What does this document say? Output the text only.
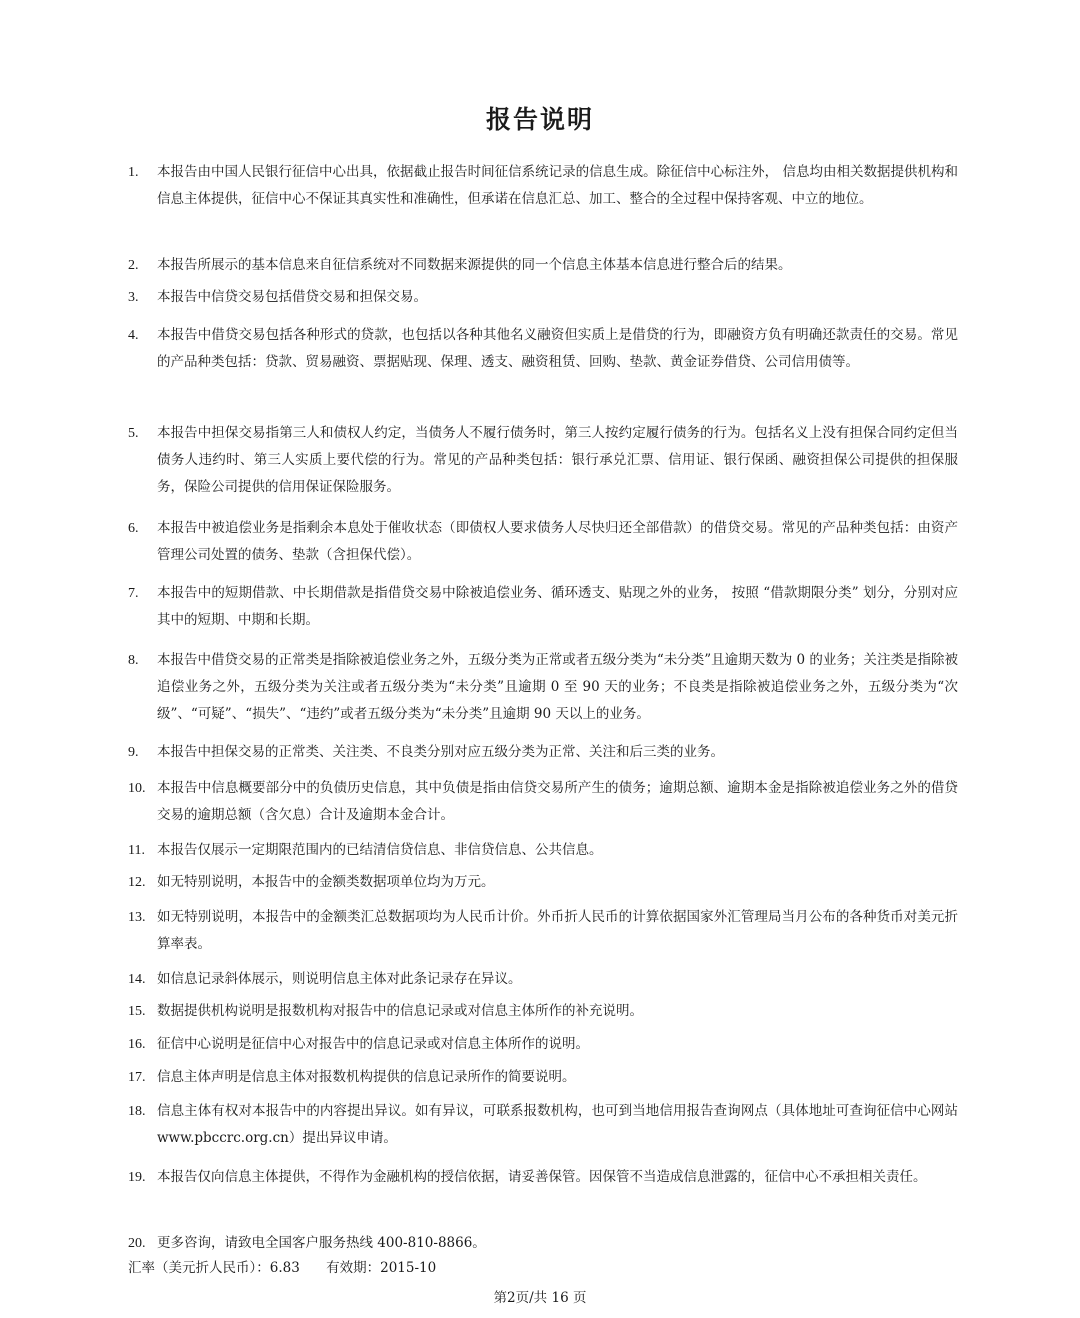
报告说明
1.	本报告由中国人民银行征信中心出具，依据截止报告时间征信系统记录的信息生成。除征信中心标注外， 信息均由相关数据提供机构和信息主体提供，征信中心不保证其真实性和准确性，但承诺在信息汇总、加工、整合的全过程中保持客观、中立的地位。
2.	本报告所展示的基本信息来自征信系统对不同数据来源提供的同一个信息主体基本信息进行整合后的结果。
3.	本报告中信贷交易包括借贷交易和担保交易。
4.	本报告中借贷交易包括各种形式的贷款，也包括以各种其他名义融资但实质上是借贷的行为，即融资方负有明确还款责任的交易。常见的产品种类包括：贷款、贸易融资、票据贴现、保理、透支、融资租赁、回购、垫款、黄金证券借贷、公司信用债等。
5.	本报告中担保交易指第三人和债权人约定，当债务人不履行债务时，第三人按约定履行债务的行为。包括名义上没有担保合同约定但当债务人违约时、第三人实质上要代偿的行为。常见的产品种类包括：银行承兑汇票、信用证、银行保函、融资担保公司提供的担保服务，保险公司提供的信用保证保险服务。
6.	本报告中被追偿业务是指剩余本息处于催收状态（即债权人要求债务人尽快归还全部借款）的借贷交易。常见的产品种类包括：由资产管理公司处置的债务、垫款（含担保代偿）。
7.	本报告中的短期借款、中长期借款是指借贷交易中除被追偿业务、循环透支、贴现之外的业务， 按照 “借款期限分类” 划分，分别对应其中的短期、中期和长期。
8.	本报告中借贷交易的正常类是指除被追偿业务之外，五级分类为正常或者五级分类为“未分类”且逾期天数为 0 的业务；关注类是指除被追偿业务之外，五级分类为关注或者五级分类为“未分类”且逾期 0 至 90 天的业务；不良类是指除被追偿业务之外，五级分类为“次级”、“可疑”、“损失”、“违约”或者五级分类为“未分类”且逾期 90 天以上的业务。
9.	本报告中担保交易的正常类、关注类、不良类分别对应五级分类为正常、关注和后三类的业务。
10. 本报告中信息概要部分中的负债历史信息，其中负债是指由信贷交易所产生的债务；逾期总额、逾期本金是指除被追偿业务之外的借贷交易的逾期总额（含欠息）合计及逾期本金合计。
11. 本报告仅展示一定期限范围内的已结清信贷信息、非信贷信息、公共信息。
12. 如无特别说明，本报告中的金额类数据项单位均为万元。
13. 如无特别说明，本报告中的金额类汇总数据项均为人民币计价。外币折人民币的计算依据国家外汇管理局当月公布的各种货币对美元折算率表。
14. 如信息记录斜体展示，则说明信息主体对此条记录存在异议。
15. 数据提供机构说明是报数机构对报告中的信息记录或对信息主体所作的补充说明。
16. 征信中心说明是征信中心对报告中的信息记录或对信息主体所作的说明。
17. 信息主体声明是信息主体对报数机构提供的信息记录所作的简要说明。
18. 信息主体有权对本报告中的内容提出异议。如有异议，可联系报数机构，也可到当地信用报告查询网点（具体地址可查询征信中心网站 www.pbccrc.org.cn）提出异议申请。
19. 本报告仅向信息主体提供，不得作为金融机构的授信依据，请妥善保管。因保管不当造成信息泄露的，征信中心不承担相关责任。
20. 更多咨询，请致电全国客户服务热线 400-810-8866。
汇率（美元折人民币）：6.83 有效期：2015-10
第2页/共 16 页
